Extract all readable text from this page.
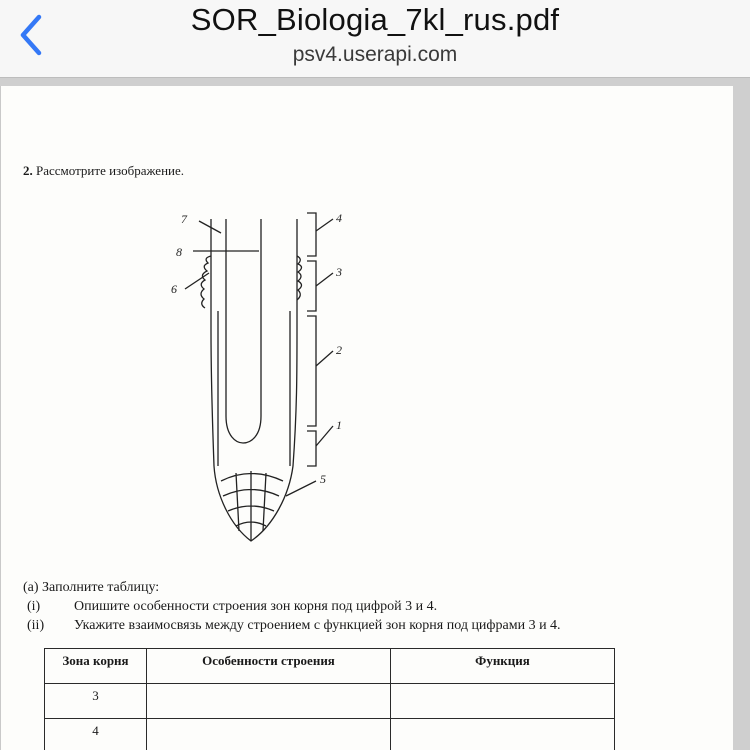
SOR_Biologia_7kl_rus.pdf
psv4.userapi.com
2. Рассмотрите изображение.
1
2
3
4
5
6
7
8
(a) Заполните таблицу:
(i) Опишите особенности строения зон корня под цифрой 3 и 4.
(ii) Укажите взаимосвязь между строением с функцией зон корня под цифрами 3 и 4.
Зона корня	Особенности строения	Функция
3		
4		
